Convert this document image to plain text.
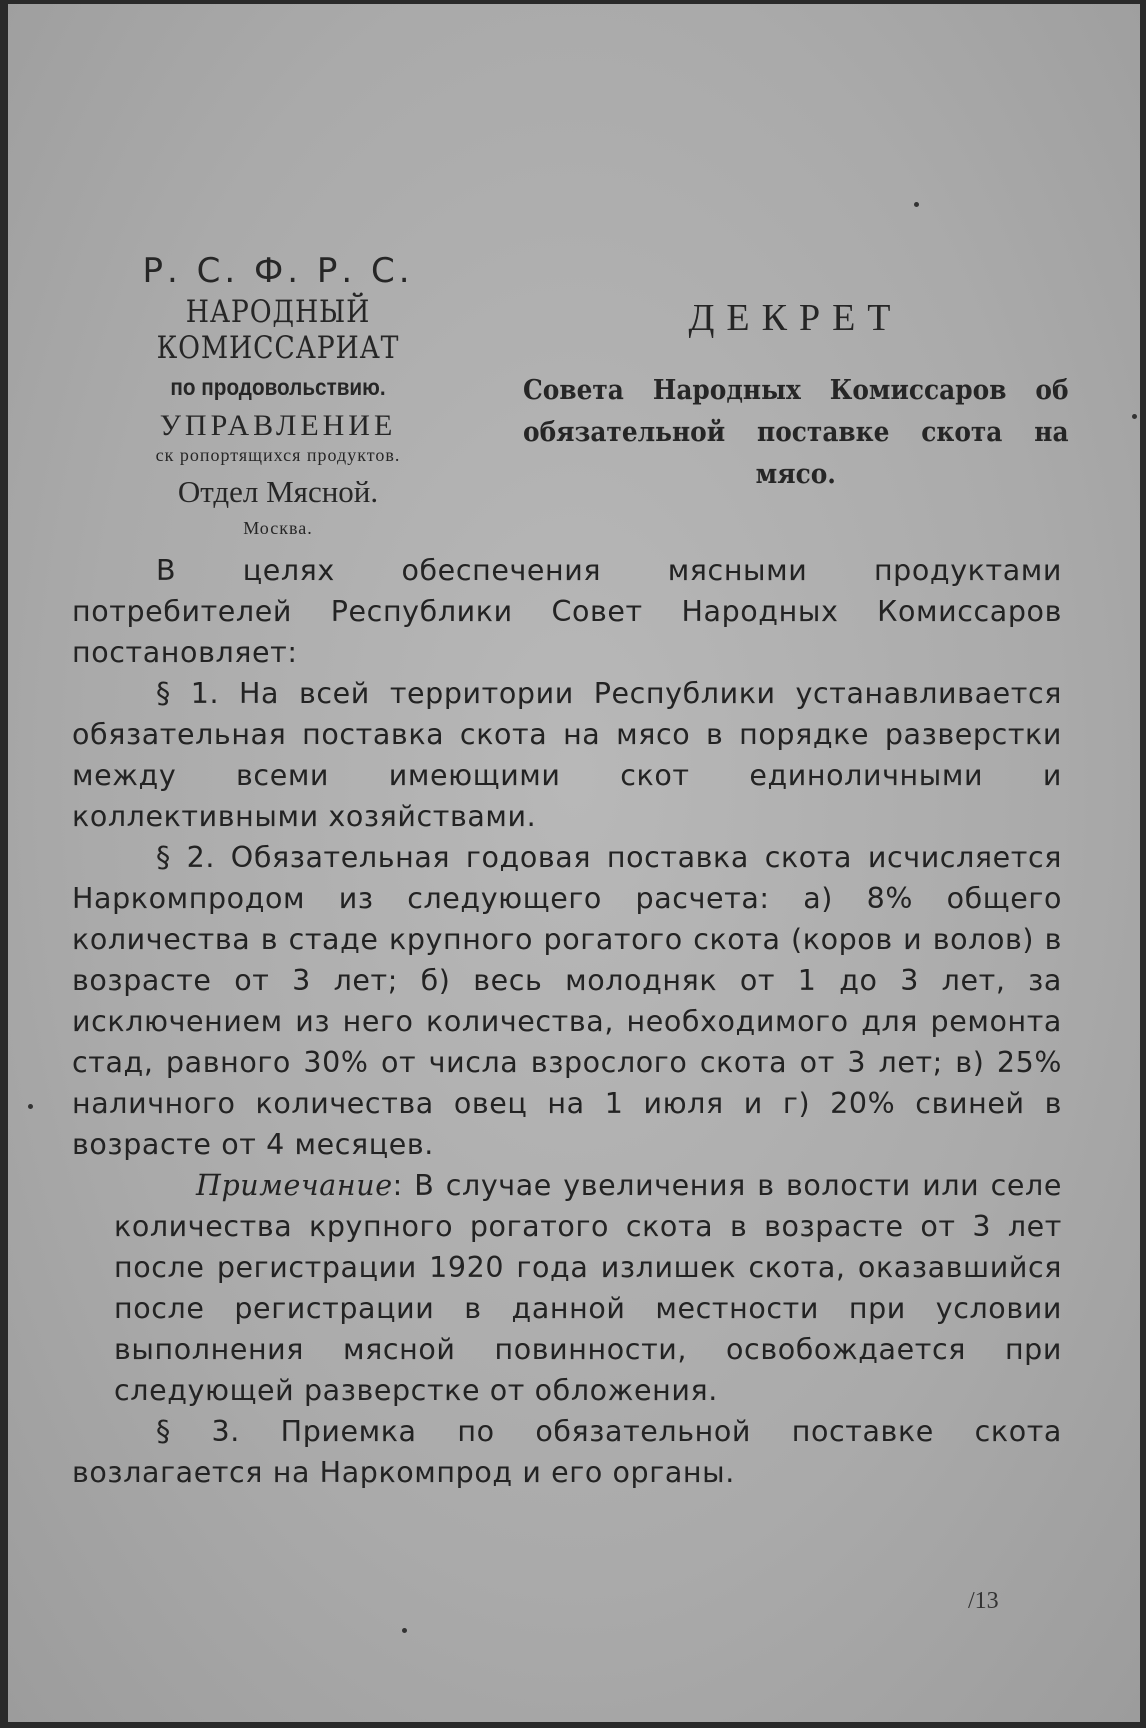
Р. С. Ф. Р. С.
НАРОДНЫЙ КОМИССАРИАТ
по продовольствию.
УПРАВЛЕНИЕ
ск ропортящихся продуктов.
Отдел Мясной.
Москва.
ДЕКРЕТ
Совета Народных Комиссаров об обязательной поставке скота на мясо.

В целях обеспечения мясными продуктами потребителей Республики Совет Народных Комиссаров постановляет:

§ 1. На всей территории Республики устанавливается обязательная поставка скота на мясо в порядке разверстки между всеми имеющими скот единоличными и коллективными хозяйствами.

§ 2. Обязательная годовая поставка скота исчисляется Наркомпродом из следующего расчета: а) 8% общего количества в стаде крупного рогатого скота (коров и волов) в возрасте от 3 лет; б) весь молодняк от 1 до 3 лет, за исключением из него количества, необходимого для ремонта стад, равного 30% от числа взрослого скота от 3 лет; в) 25% наличного количества овец на 1 июля и г) 20% свиней в возрасте от 4 месяцев.

Примечание: В случае увеличения в волости или селе количества крупного рогатого скота в возрасте от 3 лет после регистрации 1920 года излишек скота, оказавшийся после регистрации в данной местности при условии выполнения мясной повинности, освобождается при следующей разверстке от обложения.

§ 3. Приемка по обязательной поставке скота возлагается на Наркомпрод и его органы.

/13
